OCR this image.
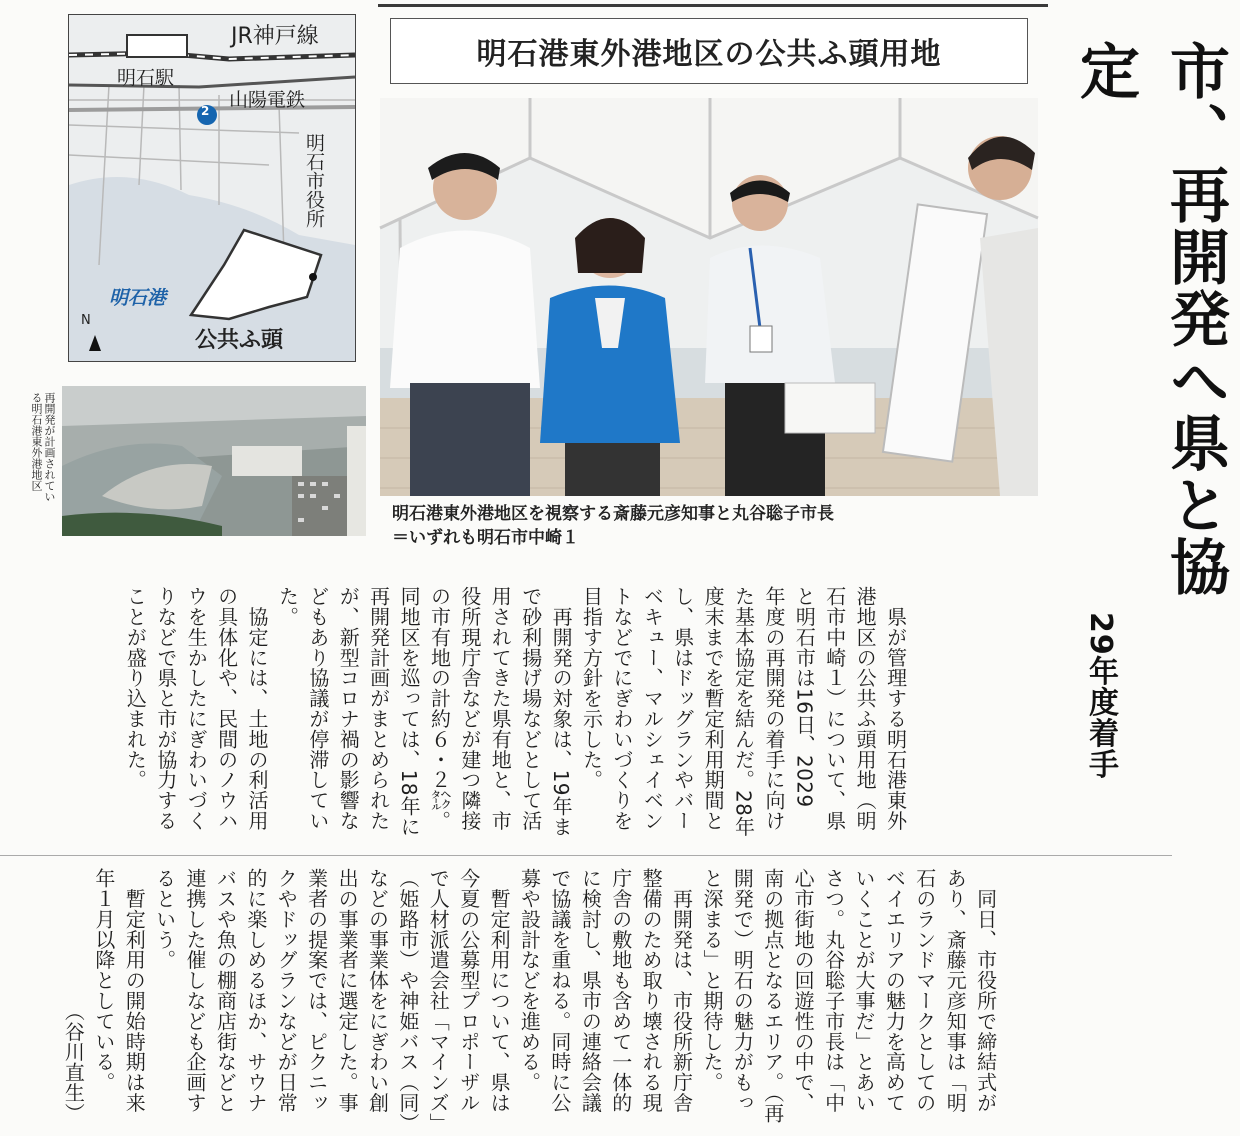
JR神戸線
明石駅
2 山陽電鉄
明石市役所
明石港
公共ふ頭
N
再開発が計画されてい
る明石港東外港地区
明石港東外港地区の公共ふ頭用地
明石港東外港地区を視察する斎藤元彦知事と丸谷聡子市長
＝いずれも明石市中崎１
市、再開発へ県と協定
29年度着手
　県が管理する明石港東外
港地区の公共ふ頭用地（明
石市中崎１）について、県
と明石市は16日、2029
年度の再開発の着手に向け
た基本協定を結んだ。28年
度末までを暫定利用期間と
し、県はドッグランやバー
ベキュー、マルシェイベン
トなどでにぎわいづくりを
目指す方針を示した。
　再開発の対象は、19年ま
で砂利揚げ場などとして活
用されてきた県有地と、市
役所現庁舎などが建つ隣接
の市有地の計約６・２㌶。
同地区を巡っては、18年に
再開発計画がまとめられた
が、新型コロナ禍の影響な
どもあり協議が停滞してい
た。
　協定には、土地の利活用
の具体化や、民間のノウハ
ウを生かしたにぎわいづく
りなどで県と市が協力する
ことが盛り込まれた。
　同日、市役所で締結式が
あり、斎藤元彦知事は「明
石のランドマークとしての
ベイエリアの魅力を高めて
いくことが大事だ」とあい
さつ。丸谷聡子市長は「中
心市街地の回遊性の中で、
南の拠点となるエリア。（再
開発で）明石の魅力がもっ
と深まる」と期待した。
　再開発は、市役所新庁舎
整備のため取り壊される現
庁舎の敷地も含めて一体的
に検討し、県市の連絡会議
で協議を重ねる。同時に公
募や設計などを進める。
　暫定利用について、県は
今夏の公募型プロポーザル
で人材派遣会社「マインズ」
（姫路市）や神姫バス（同）
などの事業体をにぎわい創
出の事業者に選定した。事
業者の提案では、ピクニッ
クやドッグランなどが日常
的に楽しめるほか、サウナ
バスや魚の棚商店街などと
連携した催しなども企画す
るという。
　暫定利用の開始時期は来
年１月以降としている。
　　　　　　　（谷川直生）
